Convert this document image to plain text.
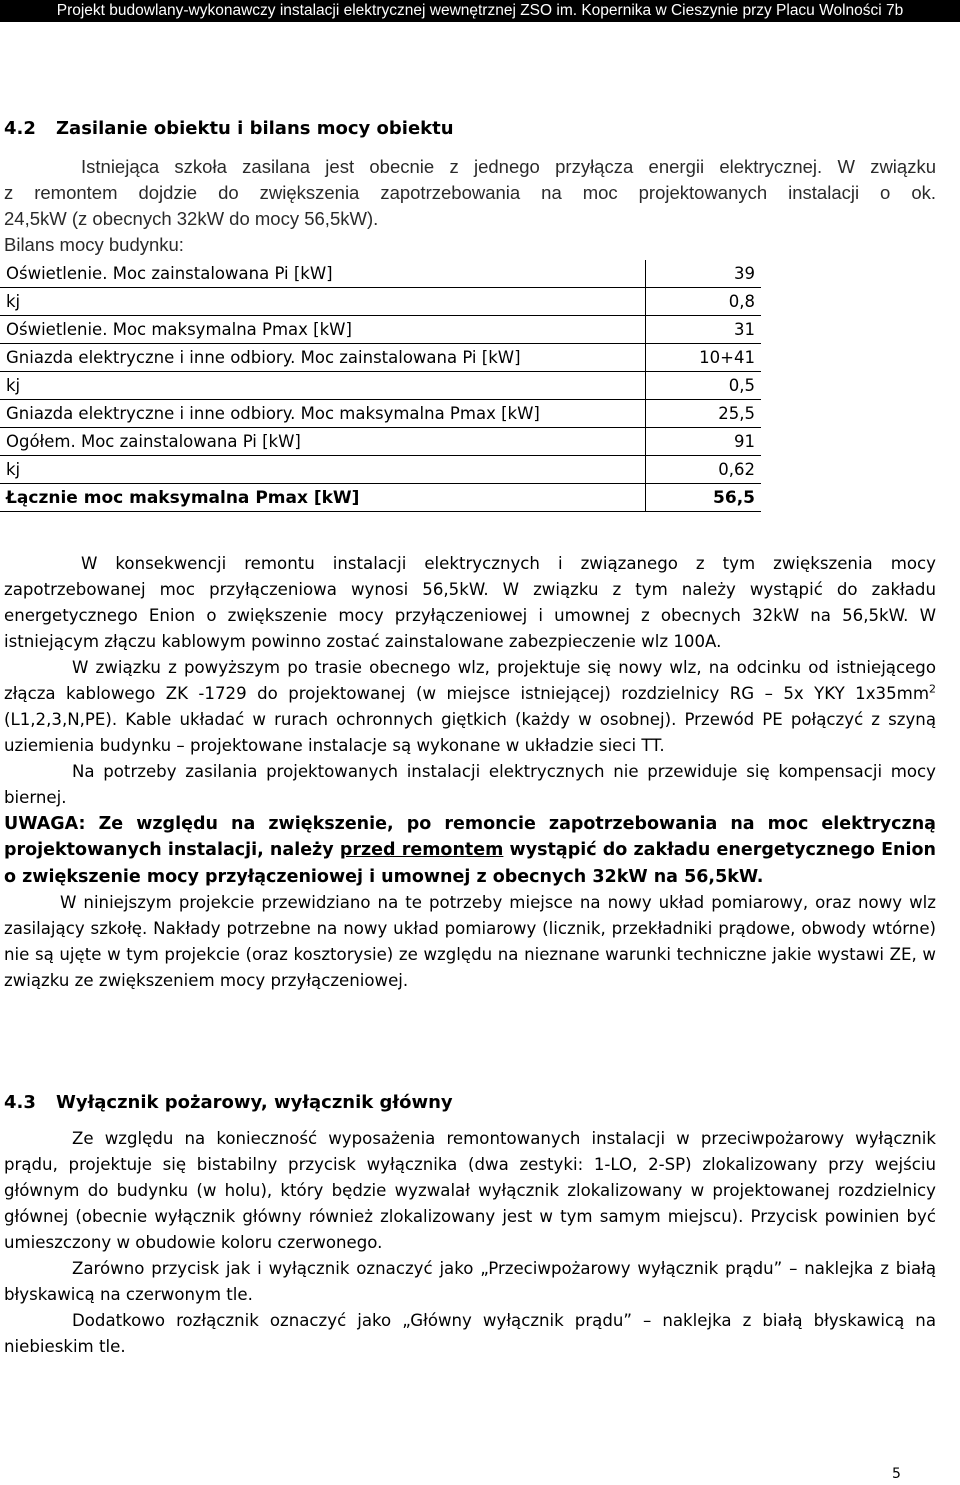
Projekt budowlany-wykonawczy instalacji elektrycznej wewnętrznej ZSO im. Kopernika w Cieszynie przy Placu Wolności 7b
4.2 Zasilanie obiektu i bilans mocy obiektu
Istniejąca szkoła zasilana jest obecnie z jednego przyłącza energii elektrycznej. W związku
z remontem dojdzie do zwiększenia zapotrzebowania na moc projektowanych instalacji o ok.
24,5kW (z obecnych 32kW do mocy 56,5kW).
Bilans mocy budynku:
Oświetlenie. Moc zainstalowana Pi [kW]	39
kj	0,8
Oświetlenie. Moc maksymalna Pmax [kW]	31
Gniazda elektryczne i inne odbiory. Moc zainstalowana Pi [kW]	10+41
kj	0,5
Gniazda elektryczne i inne odbiory. Moc maksymalna Pmax [kW]	25,5
Ogółem. Moc zainstalowana Pi [kW]	91
kj	0,62
Łącznie moc maksymalna Pmax [kW]	56,5

W konsekwencji remontu instalacji elektrycznych i związanego z tym zwiększenia mocy zapotrzebowanej moc przyłączeniowa wynosi 56,5kW. W związku z tym należy wystąpić do zakładu energetycznego Enion o zwiększenie mocy przyłączeniowej i umownej z obecnych 32kW na 56,5kW. W istniejącym złączu kablowym powinno zostać zainstalowane zabezpieczenie wlz 100A.

W związku z powyższym po trasie obecnego wlz, projektuje się nowy wlz, na odcinku od istniejącego złącza kablowego ZK -1729 do projektowanej (w miejsce istniejącej) rozdzielnicy RG – 5x YKY $1x35mm^2$ (L1,2,3,N,PE). Kable układać w rurach ochronnych giętkich (każdy w osobnej). Przewód PE połączyć z szyną uziemienia budynku – projektowane instalacje są wykonane w układzie sieci TT.

Na potrzeby zasilania projektowanych instalacji elektrycznych nie przewiduje się kompensacji mocy biernej.

UWAGA: Ze względu na zwiększenie, po remoncie zapotrzebowania na moc elektryczną projektowanych instalacji, należy przed remontem wystąpić do zakładu energetycznego Enion o zwiększenie mocy przyłączeniowej i umownej z obecnych 32kW na 56,5kW.

W niniejszym projekcie przewidziano na te potrzeby miejsce na nowy układ pomiarowy, oraz nowy wlz zasilający szkołę. Nakłady potrzebne na nowy układ pomiarowy (licznik, przekładniki prądowe, obwody wtórne) nie są ujęte w tym projekcie (oraz kosztorysie) ze względu na nieznane warunki techniczne jakie wystawi ZE, w związku ze zwiększeniem mocy przyłączeniowej.

4.3 Wyłącznik pożarowy, wyłącznik główny

Ze względu na konieczność wyposażenia remontowanych instalacji w przeciwpożarowy wyłącznik prądu, projektuje się bistabilny przycisk wyłącznika (dwa zestyki: 1-LO, 2-SP) zlokalizowany przy wejściu głównym do budynku (w holu), który będzie wyzwalał wyłącznik zlokalizowany w projektowanej rozdzielnicy głównej (obecnie wyłącznik główny również zlokalizowany jest w tym samym miejscu). Przycisk powinien być umieszczony w obudowie koloru czerwonego.

Zarówno przycisk jak i wyłącznik oznaczyć jako „Przeciwpożarowy wyłącznik prądu” – naklejka z białą błyskawicą na czerwonym tle.

Dodatkowo rozłącznik oznaczyć jako „Główny wyłącznik prądu” – naklejka z białą błyskawicą na niebieskim tle.

5
